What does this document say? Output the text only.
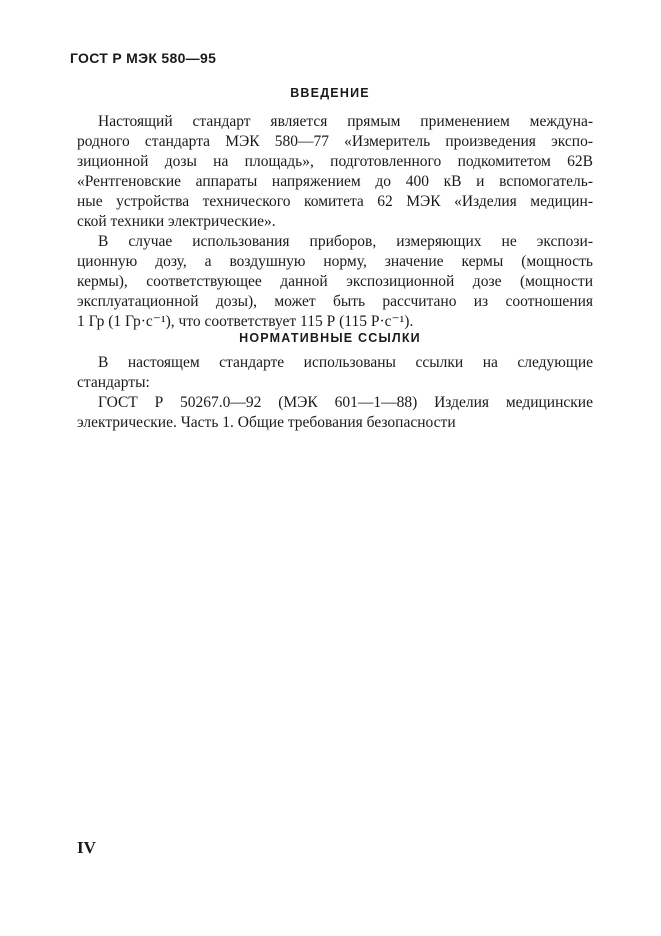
ГОСТ Р МЭК 580—95
ВВЕДЕНИЕ
Настоящий стандарт является прямым применением междуна-
родного стандарта МЭК 580—77 «Измеритель произведения экспо-
зиционной дозы на площадь», подготовленного подкомитетом 62В
«Рентгеновские аппараты напряжением до 400 кВ и вспомогатель-
ные устройства технического комитета 62 МЭК «Изделия медицин-
ской техники электрические».
В случае использования приборов, измеряющих не экспози-
ционную дозу, а воздушную норму, значение кермы (мощность
кермы), соответствующее данной экспозиционной дозе (мощности
эксплуатационной дозы), может быть рассчитано из соотношения
1 Гр (1 Гр·с⁻¹), что соответствует 115 Р (115 Р·с⁻¹).
НОРМАТИВНЫЕ ССЫЛКИ
В настоящем стандарте использованы ссылки на следующие
стандарты:
ГОСТ Р 50267.0—92 (МЭК 601—1—88) Изделия медицинские
электрические. Часть 1. Общие требования безопасности
IV
